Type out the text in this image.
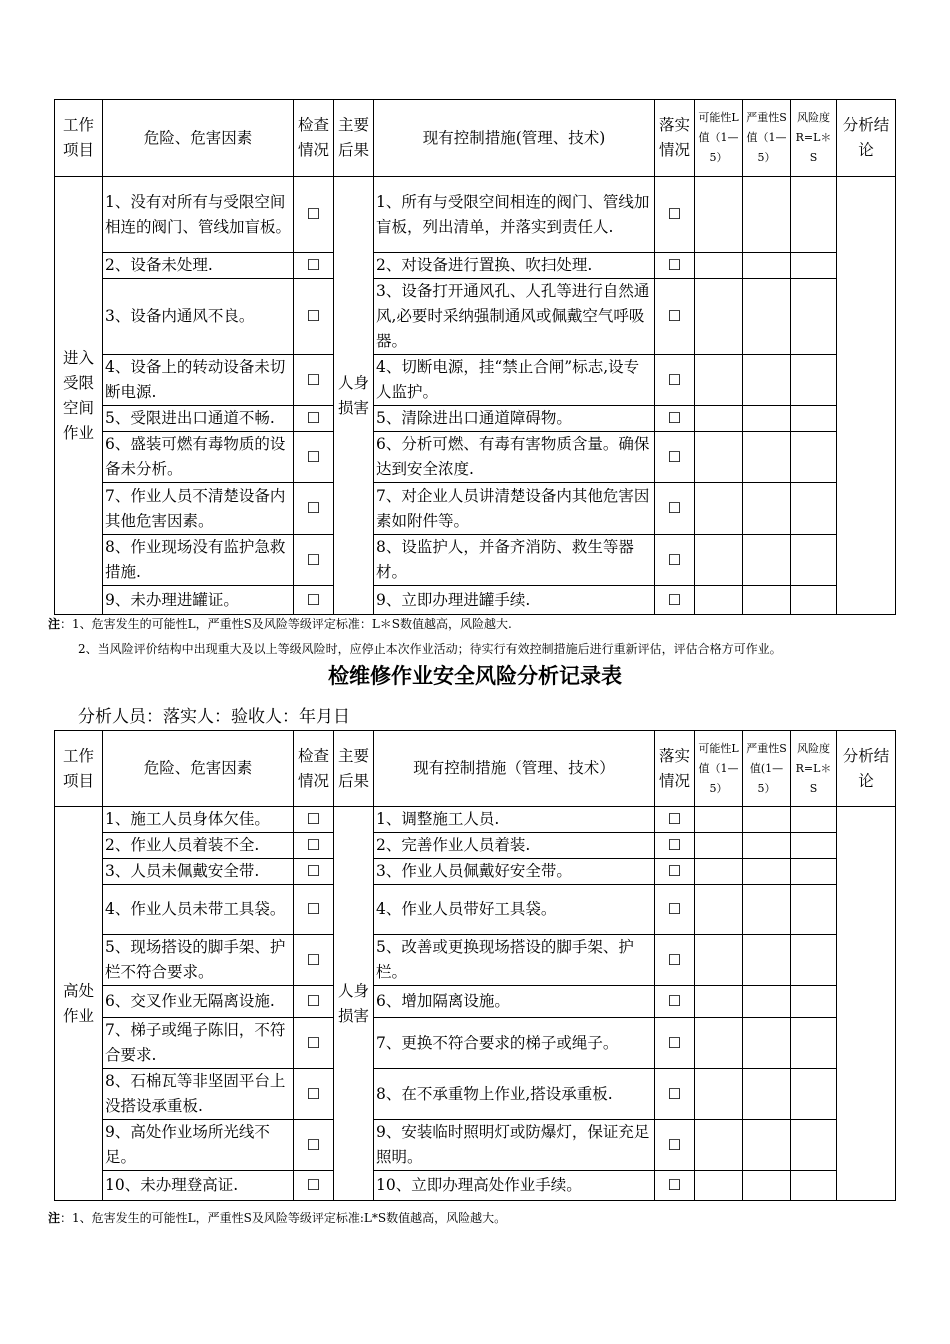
工作项目	危险、危害因素	检查情况	主要后果	现有控制措施(管理、技术)	落实情况	可能性L值（1—5）	严重性S值（1—5）	风险度R=L＊S	分析结论
进入受限空间作业	1、没有对所有与受限空间相连的阀门、管线加盲板。	☐	人身损害	1、所有与受限空间相连的阀门、管线加盲板，列出清单，并落实到责任人.	☐				
	2、设备未处理.	☐		2、对设备进行置换、吹扫处理.	☐				
	3、设备内通风不良。	☐		3、设备打开通风孔、人孔等进行自然通风,必要时采纳强制通风或佩戴空气呼吸器。	☐				
	4、设备上的转动设备未切断电源.	☐		4、切断电源，挂“禁止合闸”标志,设专人监护。	☐				
	5、受限进出口通道不畅.	☐		5、清除进出口通道障碍物。	☐				
	6、盛装可燃有毒物质的设备未分析。	☐		6、分析可燃、有毒有害物质含量。确保达到安全浓度.	☐				
	7、作业人员不清楚设备内其他危害因素。	☐		7、对企业人员讲清楚设备内其他危害因素如附件等。	☐				
	8、作业现场没有监护急救措施.	☐		8、设监护人，并备齐消防、救生等器材。	☐				
	9、未办理进罐证。	☐		9、立即办理进罐手续.	☐				
注：1、危害发生的可能性L，严重性S及风险等级评定标准：L＊S数值越高，风险越大.
2、当风险评价结构中出现重大及以上等级风险时，应停止本次作业活动；待实行有效控制措施后进行重新评估，评估合格方可作业。
检维修作业安全风险分析记录表
分析人员：落实人：验收人：年月日
工作项目	危险、危害因素	检查情况	主要后果	现有控制措施（管理、技术）	落实情况	可能性L值（1—5）	严重性S值(1—5）	风险度R=L＊S	分析结论
高处作业	1、施工人员身体欠佳。	☐	人身损害	1、调整施工人员.	☐				
	2、作业人员着装不全.	☐		2、完善作业人员着装.	☐				
	3、人员未佩戴安全带.	☐		3、作业人员佩戴好安全带。	☐				
	4、作业人员未带工具袋。	☐		4、作业人员带好工具袋。	☐				
	5、现场搭设的脚手架、护栏不符合要求。	☐		5、改善或更换现场搭设的脚手架、护栏。	☐				
	6、交叉作业无隔离设施.	☐		6、增加隔离设施。	☐				
	7、梯子或绳子陈旧，不符合要求.	☐		7、更换不符合要求的梯子或绳子。	☐				
	8、石棉瓦等非坚固平台上没搭设承重板.	☐		8、在不承重物上作业,搭设承重板.	☐				
	9、高处作业场所光线不足。	☐		9、安装临时照明灯或防爆灯，保证充足照明。	☐				
	10、未办理登高证.	☐		10、立即办理高处作业手续。	☐				
注：1、危害发生的可能性L，严重性S及风险等级评定标准:L*S数值越高，风险越大。
